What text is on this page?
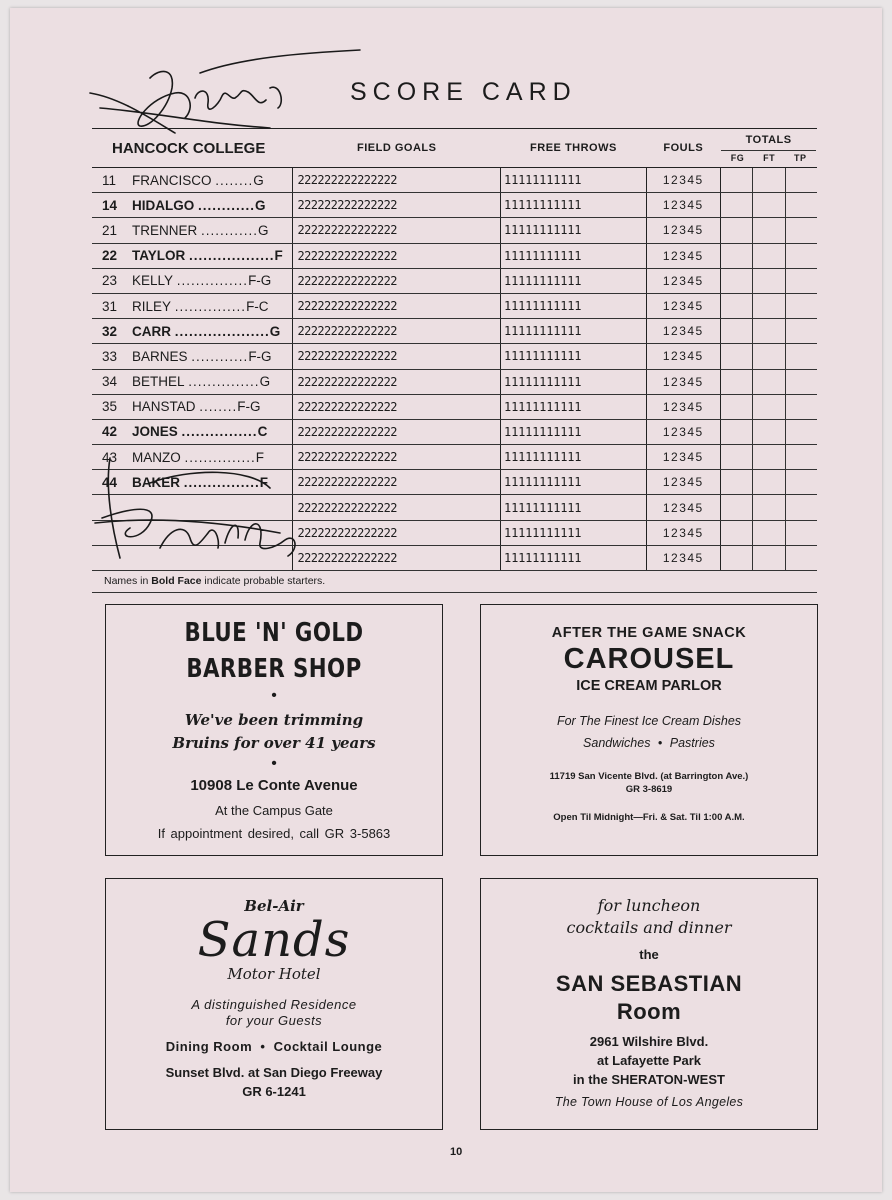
SCORE CARD
HANCOCK COLLEGE	FIELD GOALS	FREE THROWS	FOULS	TOTALS
FG FT TP		

11 FRANCISCO ........G	222222222222222	11111111111	12345			
14 HIDALGO ............G	222222222222222	11111111111	12345			
21 TRENNER ............G	222222222222222	11111111111	12345			
22 TAYLOR ..................F	222222222222222	11111111111	12345			
23 KELLY ...............F-G	222222222222222	11111111111	12345			
31 RILEY ...............F-C	222222222222222	11111111111	12345			
32 CARR ....................G	222222222222222	11111111111	12345			
33 BARNES ............F-G	222222222222222	11111111111	12345			
34 BETHEL ...............G	222222222222222	11111111111	12345			
35 HANSTAD ........F-G	222222222222222	11111111111	12345			
42 JONES ................C	222222222222222	11111111111	12345			
43 MANZO ...............F	222222222222222	11111111111	12345			
44 BAKER ................F	222222222222222	11111111111	12345			
	222222222222222	11111111111	12345			
	222222222222222	11111111111	12345			
	222222222222222	11111111111	12345			
Names in Bold Face indicate probable starters.
BLUE 'N' GOLD
BARBER SHOP
•
We've been trimming
Bruins for over 41 years
•
10908 Le Conte Avenue
At the Campus Gate
If appointment desired, call GR 3-5863
AFTER THE GAME SNACK
CAROUSEL
ICE CREAM PARLOR
For The Finest Ice Cream Dishes
Sandwiches • Pastries
11719 San Vicente Blvd. (at Barrington Ave.)
GR 3-8619
Open Til Midnight—Fri. & Sat. Til 1:00 A.M.
Bel-Air
Sands
Motor Hotel
A distinguished Residence
for your Guests
Dining Room  •  Cocktail Lounge
Sunset Blvd. at San Diego Freeway
GR 6-1241
for luncheon
cocktails and dinner
the
SAN SEBASTIAN
Room
2961 Wilshire Blvd.
at Lafayette Park
in the SHERATON-WEST
The Town House of Los Angeles
10
